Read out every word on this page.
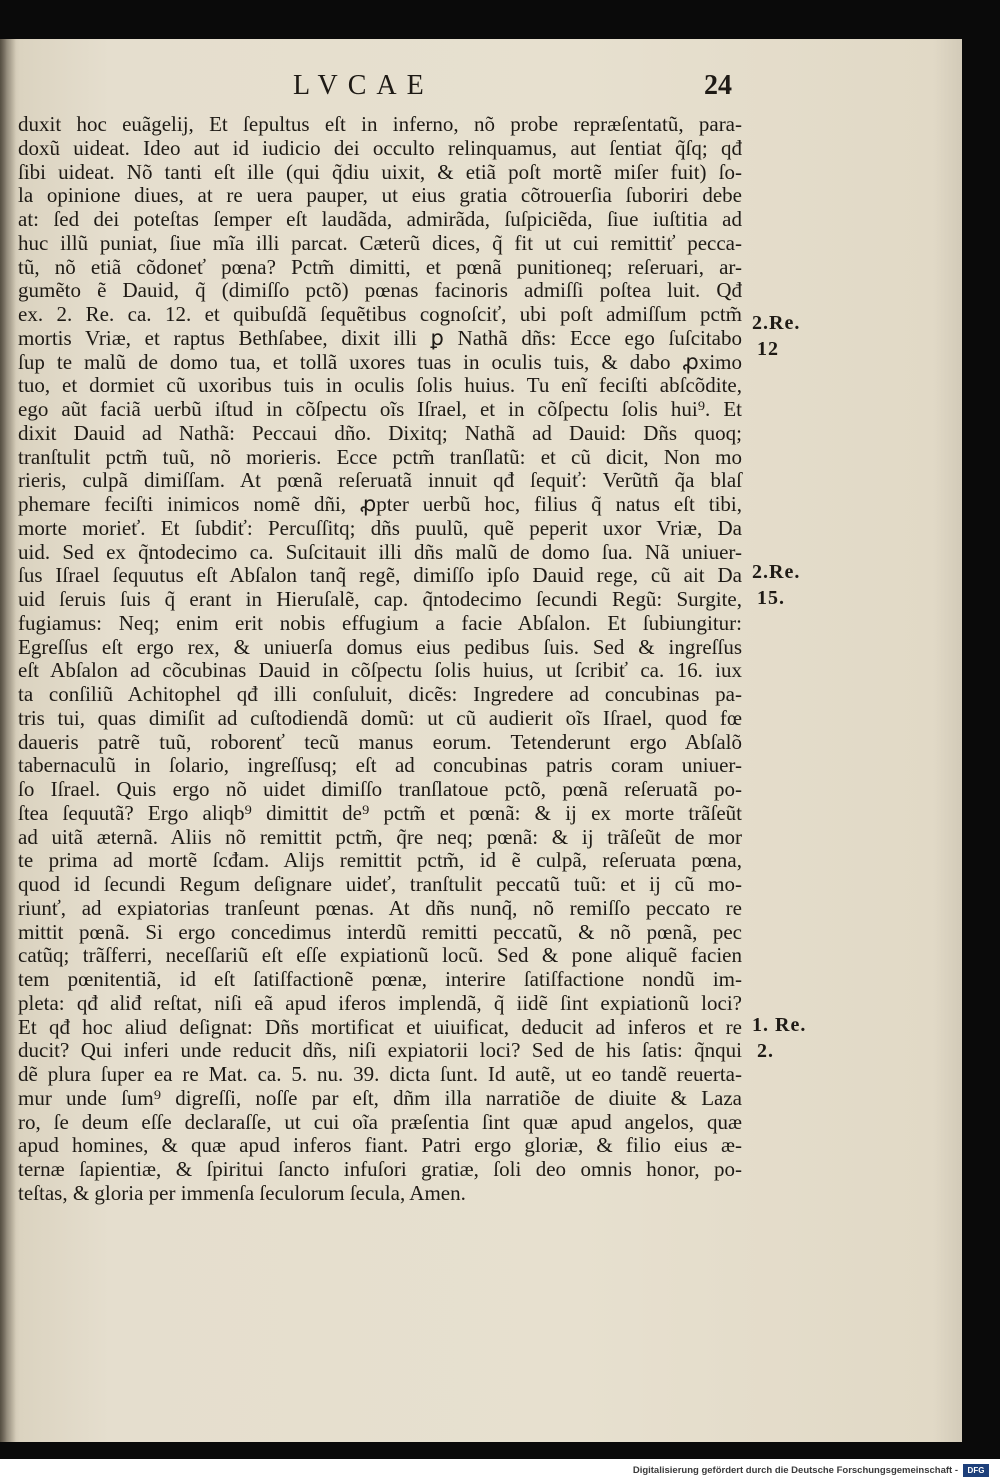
LVCAE	24
duxit hoc euãgelij, Et ſepultus eſt in inferno, nõ probe repræſentatũ, para-
doxũ uideat. Ideo aut id iudicio dei occulto relinquamus, aut ſentiat q̃ſq; qđ
ſibi uideat. Nõ tanti eſt ille (qui q̃diu uixit, & etiã poſt mortẽ miſer fuit) ſo-
la opinione diues, at re uera pauper, ut eius gratia cõtrouerſia ſuboriri debe
at: ſed dei poteſtas ſemper eſt laudãda, admirãda, ſuſpiciẽda, ſiue iuſtitia ad
huc illũ puniat, ſiue mĩa illi parcat. Cæterũ dices, q̃ fit ut cui remittiť pecca-
tũ, nõ etiã cõdoneť pœna? Pctm̃ dimitti, et pœnã punitioneq; reſeruari, ar-
gumẽto ẽ Dauid, q̃ (dimiſſo pctõ) pœnas facinoris admiſſi poſtea luit. Qđ
ex. 2. Re. ca. 12. et quibuſdã ſequẽtibus cognoſciť, ubi poſt admiſſum pctm̃
mortis Vriæ, et raptus Bethſabee, dixit illi ꝑ Nathã dñs: Ecce ego ſuſcitabo
ſup te malũ de domo tua, et tollã uxores tuas in oculis tuis, & dabo ꝓximo
tuo, et dormiet cũ uxoribus tuis in oculis ſolis huius. Tu enĩ feciſti abſcõdite,
ego aũt faciã uerbũ iſtud in cõſpectu oĩs Iſrael, et in cõſpectu ſolis hui⁹. Et
dixit Dauid ad Nathã: Peccaui dño. Dixitq; Nathã ad Dauid: Dñs quoq;
tranſtulit pctm̃ tuũ, nõ morieris. Ecce pctm̃ tranſlatũ: et cũ dicit, Non mo
rieris, culpã dimiſſam. At pœnã reſeruatã innuit qđ ſequiť: Verũtñ q̃a blaſ
phemare feciſti inimicos nomẽ dñi, ꝓpter uerbũ hoc, filius q̃ natus eſt tibi,
morte morieť. Et ſubdiť: Percuſſitq; dñs puulũ, quẽ peperit uxor Vriæ, Da
uid. Sed ex q̃ntodecimo ca. Suſcitauit illi dñs malũ de domo ſua. Nã uniuer-
ſus Iſrael ſequutus eſt Abſalon tanq̃ regẽ, dimiſſo ipſo Dauid rege, cũ ait Da
uid ſeruis ſuis q̃ erant in Hieruſalẽ, cap. q̃ntodecimo ſecundi Regũ: Surgite,
fugiamus: Neq; enim erit nobis effugium a facie Abſalon. Et ſubiungitur:
Egreſſus eſt ergo rex, & uniuerſa domus eius pedibus ſuis. Sed & ingreſſus
eſt Abſalon ad cõcubinas Dauid in cõſpectu ſolis huius, ut ſcribiť ca. 16. iux
ta conſiliũ Achitophel qđ illi conſuluit, dicẽs: Ingredere ad concubinas pa-
tris tui, quas dimiſit ad cuſtodiendã domũ: ut cũ audierit oĩs Iſrael, quod fœ
daueris patrẽ tuũ, roborenť tecũ manus eorum. Tetenderunt ergo Abſalõ
tabernaculũ in ſolario, ingreſſusq; eſt ad concubinas patris coram uniuer-
ſo Iſrael. Quis ergo nõ uidet dimiſſo tranſlatoue pctõ, pœnã reſeruatã po-
ſtea ſequutã? Ergo aliqb⁹ dimittit de⁹ pctm̃ et pœnã: & ij ex morte trãſeũt
ad uitã æternã. Aliis nõ remittit pctm̃, q̃re neq; pœnã: & ij trãſeũt de mor
te prima ad mortẽ ſcđam. Alijs remittit pctm̃, id ẽ culpã, reſeruata pœna,
quod id ſecundi Regum deſignare uideť, tranſtulit peccatũ tuũ: et ij cũ mo-
riunť, ad expiatorias tranſeunt pœnas. At dñs nunq̃, nõ remiſſo peccato re
mittit pœnã. Si ergo concedimus interdũ remitti peccatũ, & nõ pœnã, pec
catũq; trãſferri, neceſſariũ eſt eſſe expiationũ locũ. Sed & pone aliquẽ facien
tem pœnitentiã, id eſt ſatiſfactionẽ pœnæ, interire ſatiſfactione nondũ im-
pleta: qđ aliđ reſtat, niſi eã apud iferos implendã, q̃ iidẽ ſint expiationũ loci?
Et qđ hoc aliud deſignat: Dñs mortificat et uiuificat, deducit ad inferos et re
ducit? Qui inferi unde reducit dñs, niſi expiatorii loci? Sed de his ſatis: q̃nqui
dẽ plura ſuper ea re Mat. ca. 5. nu. 39. dicta ſunt. Id autẽ, ut eo tandẽ reuerta-
mur unde ſum⁹ digreſſi, noſſe par eſt, dñm illa narratiõe de diuite & Laza
ro, ſe deum eſſe declaraſſe, ut cui oĩa præſentia ſint quæ apud angelos, quæ
apud homines, & quæ apud inferos fiant. Patri ergo gloriæ, & filio eius æ-
ternæ ſapientiæ, & ſpiritui ſancto infuſori gratiæ, ſoli deo omnis honor, po-
teſtas, & gloria per immenſa ſeculorum ſecula, Amen.
2.Re.
12
2.Re.
15.
1. Re.
2.
Digitalisierung gefördert durch die Deutsche Forschungsgemeinschaft -	DFG
